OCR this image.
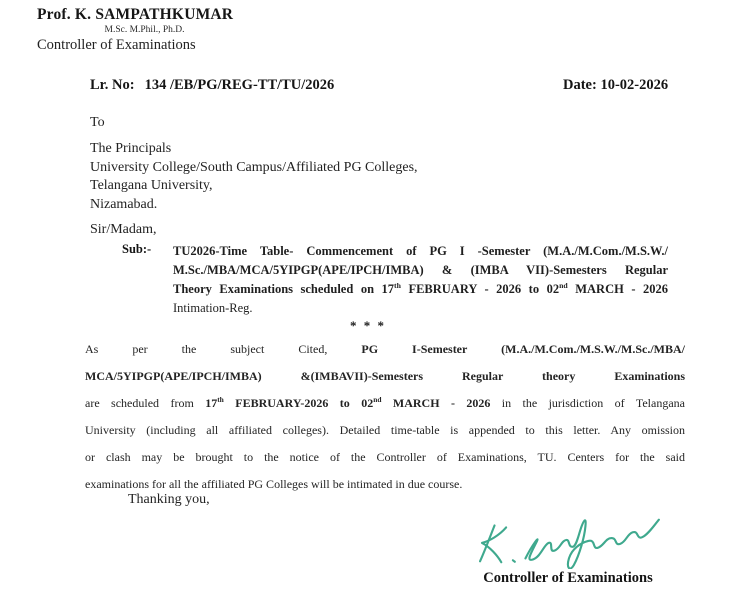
Prof. K. SAMPATHKUMAR
M.Sc. M.Phil., Ph.D.
Controller of Examinations
Lr. No: 134 /EB/PG/REG-TT/TU/2026	Date: 10-02-2026
To
The Principals
University College/South Campus/Affiliated PG Colleges,
Telangana University,
Nizamabad.
Sir/Madam,
Sub:-	TU2026-Time Table- Commencement of PG I -Semester (M.A./M.Com./M.S.W./
M.Sc./MBA/MCA/5YIPGP(APE/IPCH/IMBA) & (IMBA VII)-Semesters Regular
Theory Examinations scheduled on 17th FEBRUARY - 2026 to 02nd MARCH - 2026
Intimation-Reg.
* * *
As per the subject Cited, PG I-Semester (M.A./M.Com./M.S.W./M.Sc./MBA/
MCA/5YIPGP(APE/IPCH/IMBA) &(IMBAVII)-Semesters Regular theory Examinations
are scheduled from 17th FEBRUARY-2026 to 02nd MARCH - 2026 in the jurisdiction of Telangana
University (including all affiliated colleges). Detailed time-table is appended to this letter. Any omission
or clash may be brought to the notice of the Controller of Examinations, TU. Centers for the said
examinations for all the affiliated PG Colleges will be intimated in due course.
Thanking you,
Controller of Examinations
